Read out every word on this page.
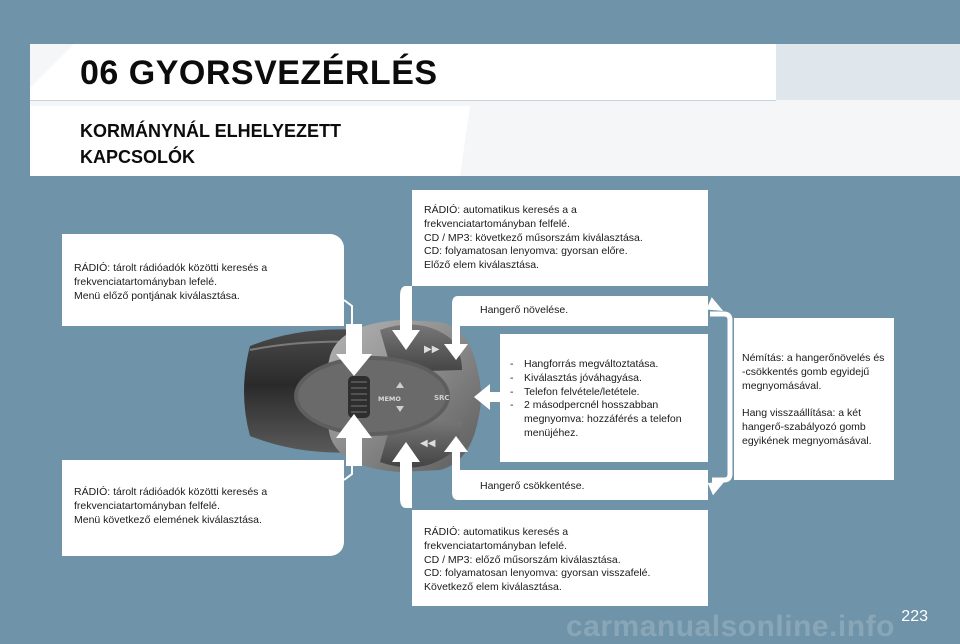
06 GYORSVEZÉRLÉS
KORMÁNYNÁL ELHELYEZETT KAPCSOLÓK
▶▶
◀◀
MEMO	SRC

RÁDIÓ: tárolt rádióadók közötti keresés a

frekvenciatartományban lefelé.

Menü előző pontjának kiválasztása.

RÁDIÓ: tárolt rádióadók közötti keresés a

frekvenciatartományban felfelé.

Menü következő elemének kiválasztása.

RÁDIÓ: automatikus keresés a a

frekvenciatartományban felfelé.

CD / MP3: következő műsorszám kiválasztása.

CD: folyamatosan lenyomva: gyorsan előre.

Előző elem kiválasztása.

Hangerő növelése.

- Hangforrás megváltoztatása.
- Kiválasztás jóváhagyása.
- Telefon felvétele/letétele.
- 2 másodpercnél hosszabban megnyomva: hozzáférés a telefon menüjéhez.

Hangerő csökkentése.

RÁDIÓ: automatikus keresés a

frekvenciatartományban lefelé.

CD / MP3: előző műsorszám kiválasztása.

CD: folyamatosan lenyomva: gyorsan visszafelé.

Következő elem kiválasztása.

Némítás: a hangerőnövelés és -csökkentés gomb egyidejű megnyomásával.

Hang visszaállítása: a két hangerő-szabályozó gomb egyikének megnyomásával.

carmanualsonline.info 223
